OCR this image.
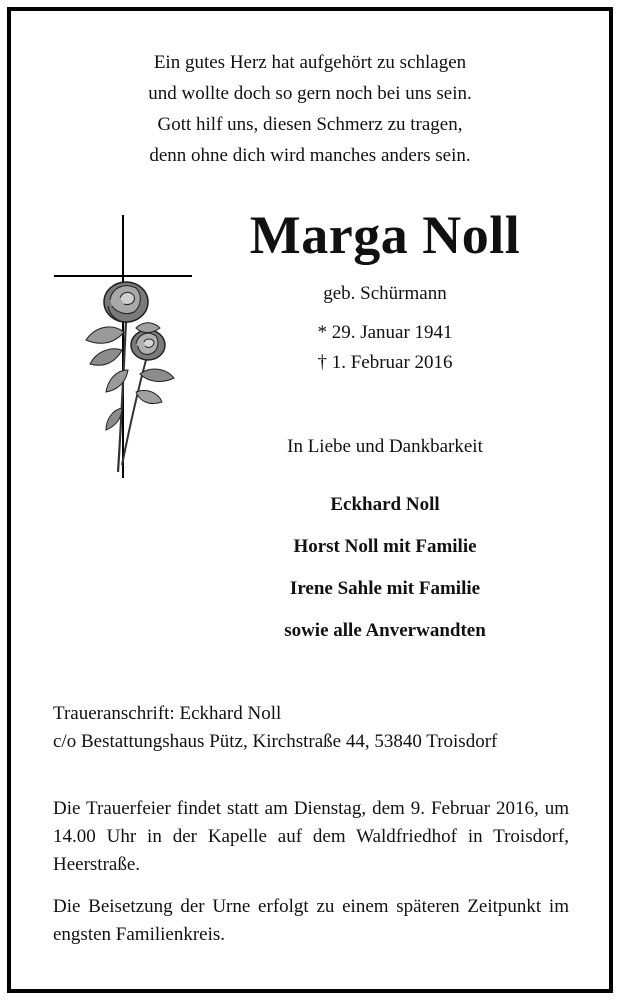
Ein gutes Herz hat aufgehört zu schlagen
und wollte doch so gern noch bei uns sein.
Gott hilf uns, diesen Schmerz zu tragen,
denn ohne dich wird manches anders sein.
Marga Noll
geb. Schürmann
* 29. Januar 1941
† 1. Februar 2016
In Liebe und Dankbarkeit
Eckhard Noll
Horst Noll mit Familie
Irene Sahle mit Familie
sowie alle Anverwandten
Traueranschrift: Eckhard Noll
c/o Bestattungshaus Pütz, Kirchstraße 44, 53840 Troisdorf
Die Trauerfeier findet statt am Dienstag, dem 9. Februar 2016, um 14.00 Uhr in der Kapelle auf dem Waldfriedhof in Troisdorf, Heerstraße.
Die Beisetzung der Urne erfolgt zu einem späteren Zeitpunkt im engsten Familienkreis.
